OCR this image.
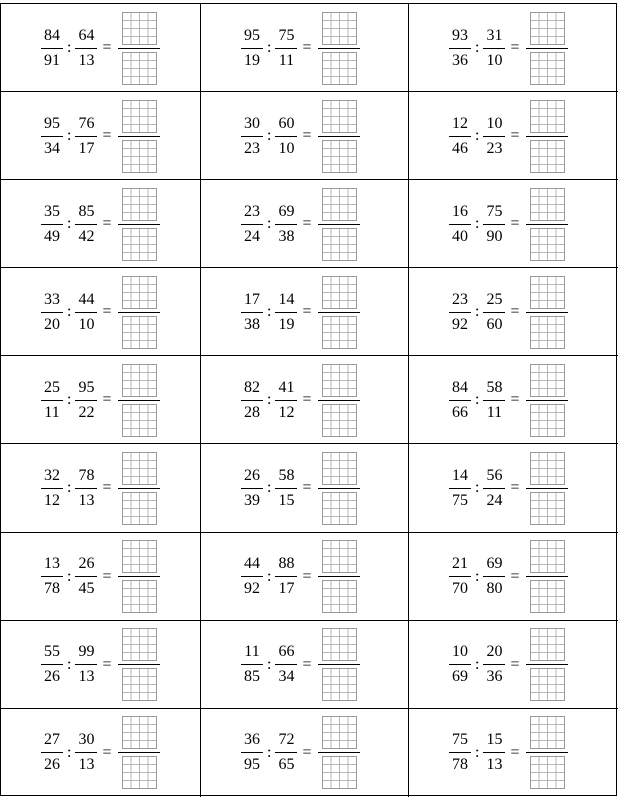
$\frac{84}{91}$ : $\frac{64}{13}$ =	$\frac{95}{19}$ : $\frac{75}{11}$ =	$\frac{93}{36}$ : $\frac{31}{10}$ =
$\frac{95}{34}$ : $\frac{76}{17}$ =	$\frac{30}{23}$ : $\frac{60}{10}$ =	$\frac{12}{46}$ : $\frac{10}{23}$ =
$\frac{35}{49}$ : $\frac{85}{42}$ =	$\frac{23}{24}$ : $\frac{69}{38}$ =	$\frac{16}{40}$ : $\frac{75}{90}$ =
$\frac{33}{20}$ : $\frac{44}{10}$ =	$\frac{17}{38}$ : $\frac{14}{19}$ =	$\frac{23}{92}$ : $\frac{25}{60}$ =
$\frac{25}{11}$ : $\frac{95}{22}$ =	$\frac{82}{28}$ : $\frac{41}{12}$ =	$\frac{84}{66}$ : $\frac{58}{11}$ =
$\frac{32}{12}$ : $\frac{78}{13}$ =	$\frac{26}{39}$ : $\frac{58}{15}$ =	$\frac{14}{75}$ : $\frac{56}{24}$ =
$\frac{13}{78}$ : $\frac{26}{45}$ =	$\frac{44}{92}$ : $\frac{88}{17}$ =	$\frac{21}{70}$ : $\frac{69}{80}$ =
$\frac{55}{26}$ : $\frac{99}{13}$ =	$\frac{11}{85}$ : $\frac{66}{34}$ =	$\frac{10}{69}$ : $\frac{20}{36}$ =
$\frac{27}{26}$ : $\frac{30}{13}$ =	$\frac{36}{95}$ : $\frac{72}{65}$ =	$\frac{75}{78}$ : $\frac{15}{13}$ =
